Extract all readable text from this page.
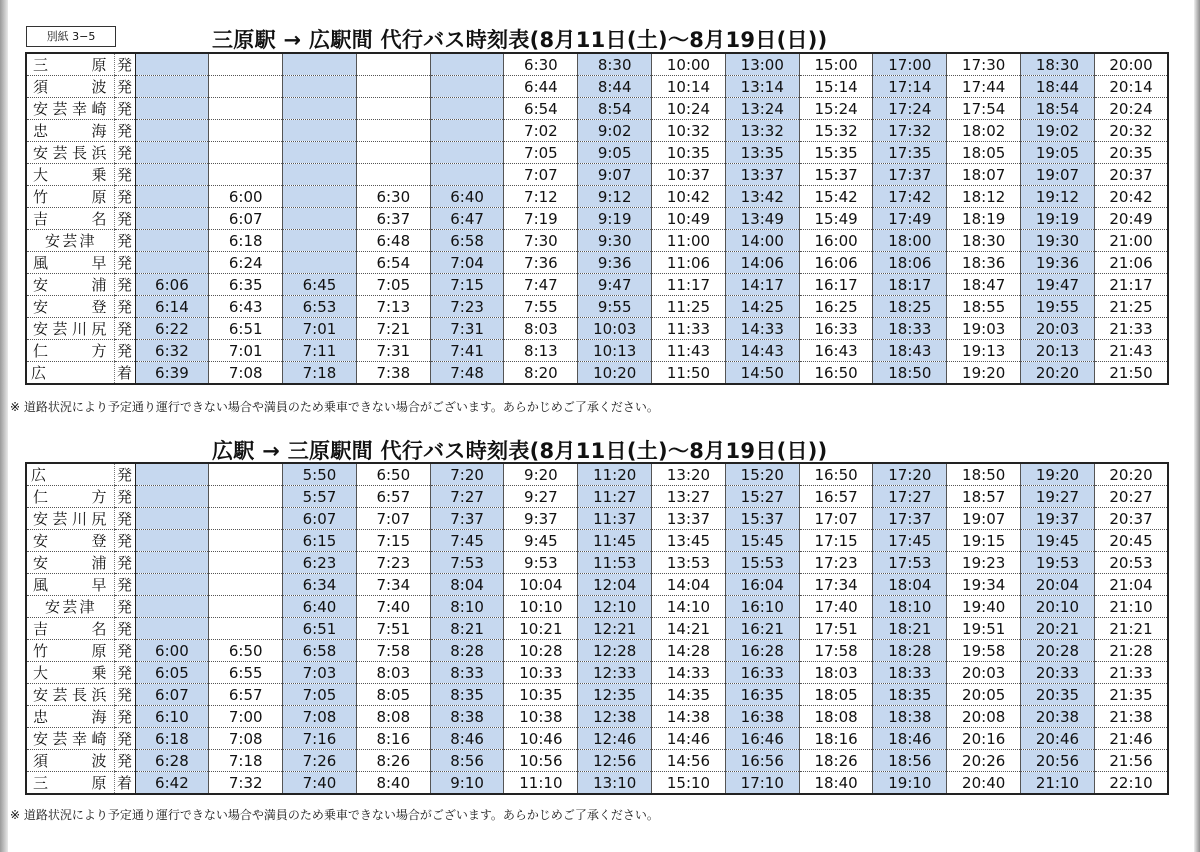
別紙 3−5	三原駅 → 広駅間 代行バス時刻表(8月11日(土)〜8月19日(日))
三　原	発						6:30	8:30	10:00	13:00	15:00	17:00	17:30	18:30	20:00
須　波	発						6:44	8:44	10:14	13:14	15:14	17:14	17:44	18:44	20:14
安芸幸崎	発						6:54	8:54	10:24	13:24	15:24	17:24	17:54	18:54	20:24
忠　海	発						7:02	9:02	10:32	13:32	15:32	17:32	18:02	19:02	20:32
安芸長浜	発						7:05	9:05	10:35	13:35	15:35	17:35	18:05	19:05	20:35
大　乗	発						7:07	9:07	10:37	13:37	15:37	17:37	18:07	19:07	20:37
竹　原	発		6:00		6:30	6:40	7:12	9:12	10:42	13:42	15:42	17:42	18:12	19:12	20:42
吉　名	発		6:07		6:37	6:47	7:19	9:19	10:49	13:49	15:49	17:49	18:19	19:19	20:49
安芸津	発		6:18		6:48	6:58	7:30	9:30	11:00	14:00	16:00	18:00	18:30	19:30	21:00
風　早	発		6:24		6:54	7:04	7:36	9:36	11:06	14:06	16:06	18:06	18:36	19:36	21:06
安　浦	発	6:06	6:35	6:45	7:05	7:15	7:47	9:47	11:17	14:17	16:17	18:17	18:47	19:47	21:17
安　登	発	6:14	6:43	6:53	7:13	7:23	7:55	9:55	11:25	14:25	16:25	18:25	18:55	19:55	21:25
安芸川尻	発	6:22	6:51	7:01	7:21	7:31	8:03	10:03	11:33	14:33	16:33	18:33	19:03	20:03	21:33
仁　方	発	6:32	7:01	7:11	7:31	7:41	8:13	10:13	11:43	14:43	16:43	18:43	19:13	20:13	21:43
広	着	6:39	7:08	7:18	7:38	7:48	8:20	10:20	11:50	14:50	16:50	18:50	19:20	20:20	21:50
※ 道路状況により予定通り運行できない場合や満員のため乗車できない場合がございます。あらかじめご了承ください。
広駅 → 三原駅間 代行バス時刻表(8月11日(土)〜8月19日(日))
広	発			5:50	6:50	7:20	9:20	11:20	13:20	15:20	16:50	17:20	18:50	19:20	20:20
仁　方	発			5:57	6:57	7:27	9:27	11:27	13:27	15:27	16:57	17:27	18:57	19:27	20:27
安芸川尻	発			6:07	7:07	7:37	9:37	11:37	13:37	15:37	17:07	17:37	19:07	19:37	20:37
安　登	発			6:15	7:15	7:45	9:45	11:45	13:45	15:45	17:15	17:45	19:15	19:45	20:45
安　浦	発			6:23	7:23	7:53	9:53	11:53	13:53	15:53	17:23	17:53	19:23	19:53	20:53
風　早	発			6:34	7:34	8:04	10:04	12:04	14:04	16:04	17:34	18:04	19:34	20:04	21:04
安芸津	発			6:40	7:40	8:10	10:10	12:10	14:10	16:10	17:40	18:10	19:40	20:10	21:10
吉　名	発			6:51	7:51	8:21	10:21	12:21	14:21	16:21	17:51	18:21	19:51	20:21	21:21
竹　原	発	6:00	6:50	6:58	7:58	8:28	10:28	12:28	14:28	16:28	17:58	18:28	19:58	20:28	21:28
大　乗	発	6:05	6:55	7:03	8:03	8:33	10:33	12:33	14:33	16:33	18:03	18:33	20:03	20:33	21:33
安芸長浜	発	6:07	6:57	7:05	8:05	8:35	10:35	12:35	14:35	16:35	18:05	18:35	20:05	20:35	21:35
忠　海	発	6:10	7:00	7:08	8:08	8:38	10:38	12:38	14:38	16:38	18:08	18:38	20:08	20:38	21:38
安芸幸崎	発	6:18	7:08	7:16	8:16	8:46	10:46	12:46	14:46	16:46	18:16	18:46	20:16	20:46	21:46
須　波	発	6:28	7:18	7:26	8:26	8:56	10:56	12:56	14:56	16:56	18:26	18:56	20:26	20:56	21:56
三　原	着	6:42	7:32	7:40	8:40	9:10	11:10	13:10	15:10	17:10	18:40	19:10	20:40	21:10	22:10
※ 道路状況により予定通り運行できない場合や満員のため乗車できない場合がございます。あらかじめご了承ください。
